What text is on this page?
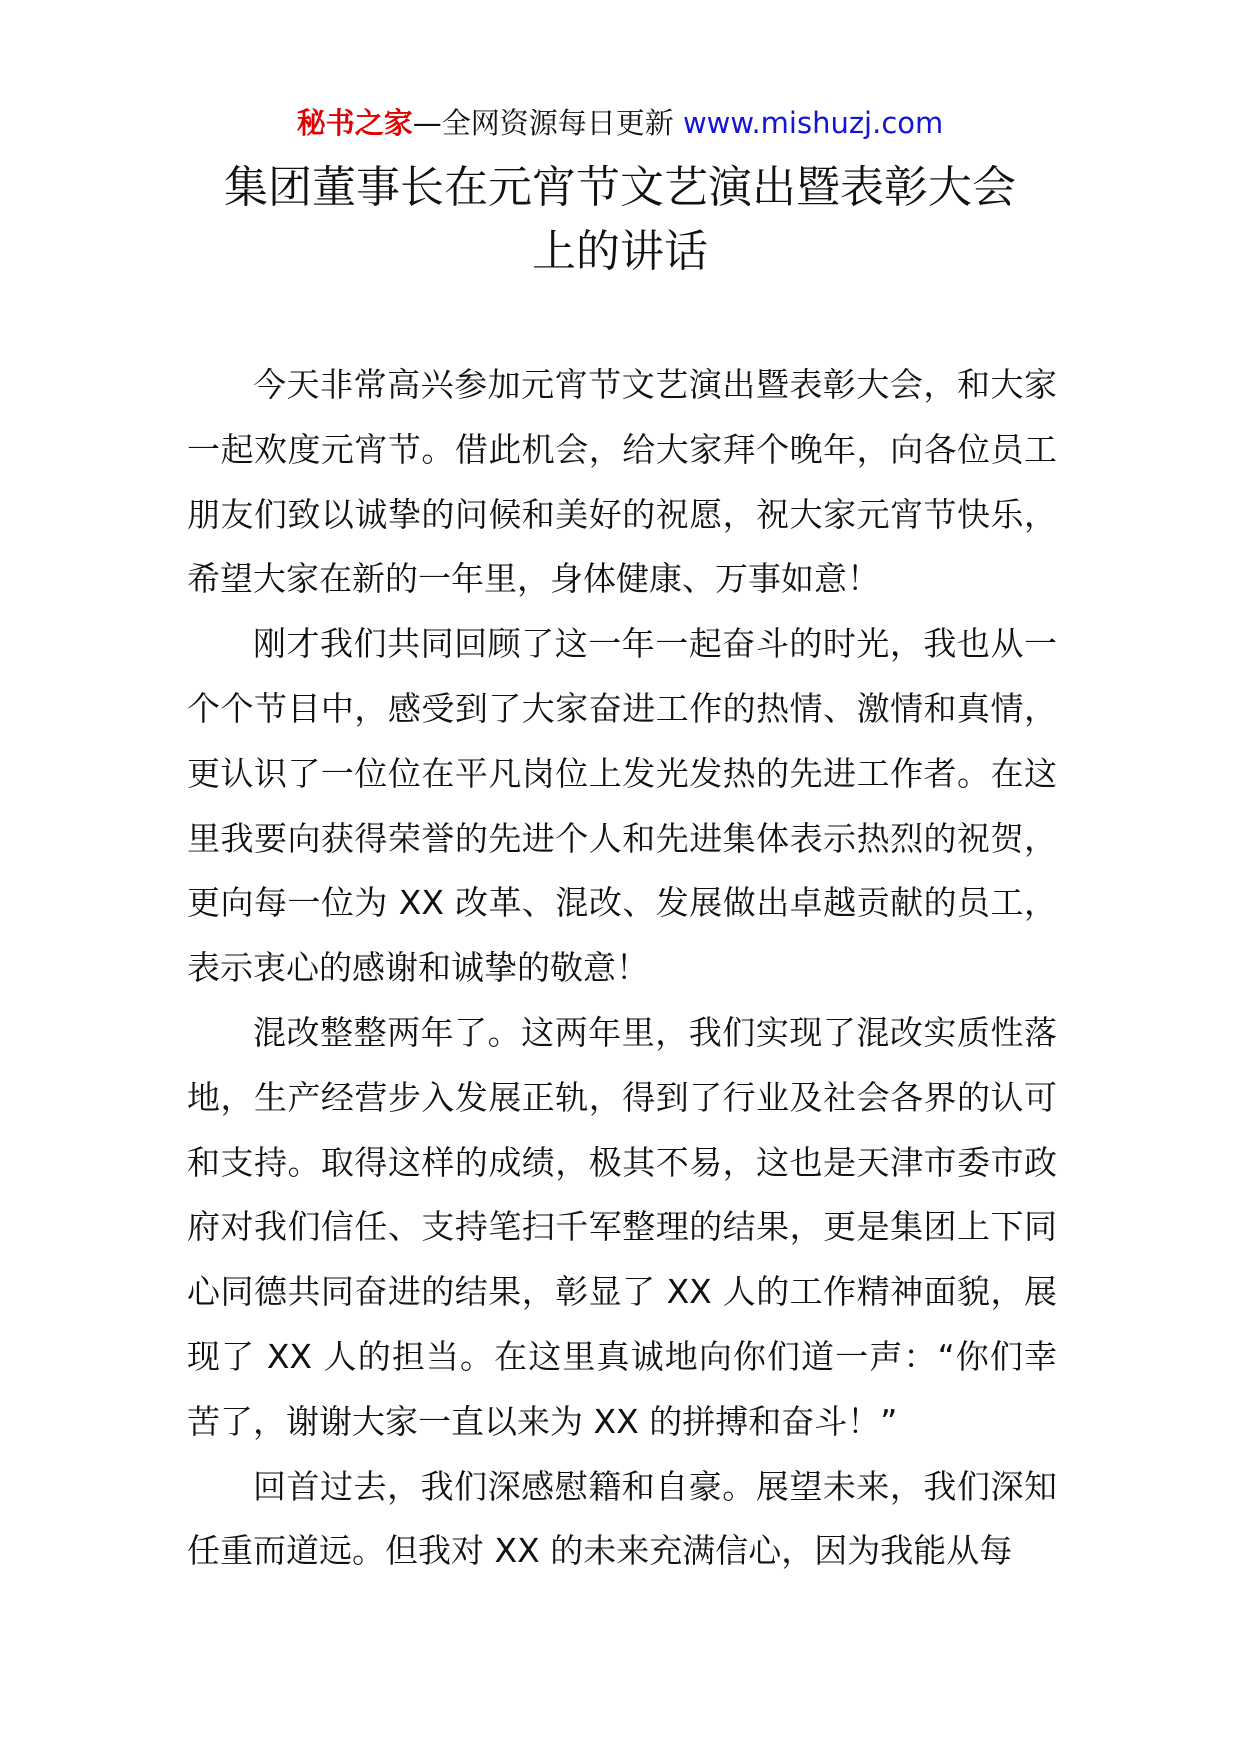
秘书之家—全网资源每日更新 www.mishuzj.com
集团董事长在元宵节文艺演出暨表彰大会
上的讲话

今天非常高兴参加元宵节文艺演出暨表彰大会，和大家一起欢度元宵节。借此机会，给大家拜个晚年，向各位员工朋友们致以诚挚的问候和美好的祝愿，祝大家元宵节快乐，希望大家在新的一年里，身体健康、万事如意！

刚才我们共同回顾了这一年一起奋斗的时光，我也从一个个节目中，感受到了大家奋进工作的热情、激情和真情，更认识了一位位在平凡岗位上发光发热的先进工作者。在这里我要向获得荣誉的先进个人和先进集体表示热烈的祝贺，更向每一位为 XX 改革、混改、发展做出卓越贡献的员工，表示衷心的感谢和诚挚的敬意！

混改整整两年了。这两年里，我们实现了混改实质性落地，生产经营步入发展正轨，得到了行业及社会各界的认可和支持。取得这样的成绩，极其不易，这也是天津市委市政府对我们信任、支持笔扫千军整理的结果，更是集团上下同心同德共同奋进的结果，彰显了 XX 人的工作精神面貌，展现了 XX 人的担当。在这里真诚地向你们道一声：“你们幸苦了，谢谢大家一直以来为 XX 的拼搏和奋斗！”

回首过去，我们深感慰籍和自豪。展望未来，我们深知任重而道远。但我对 XX 的未来充满信心，因为我能从每
